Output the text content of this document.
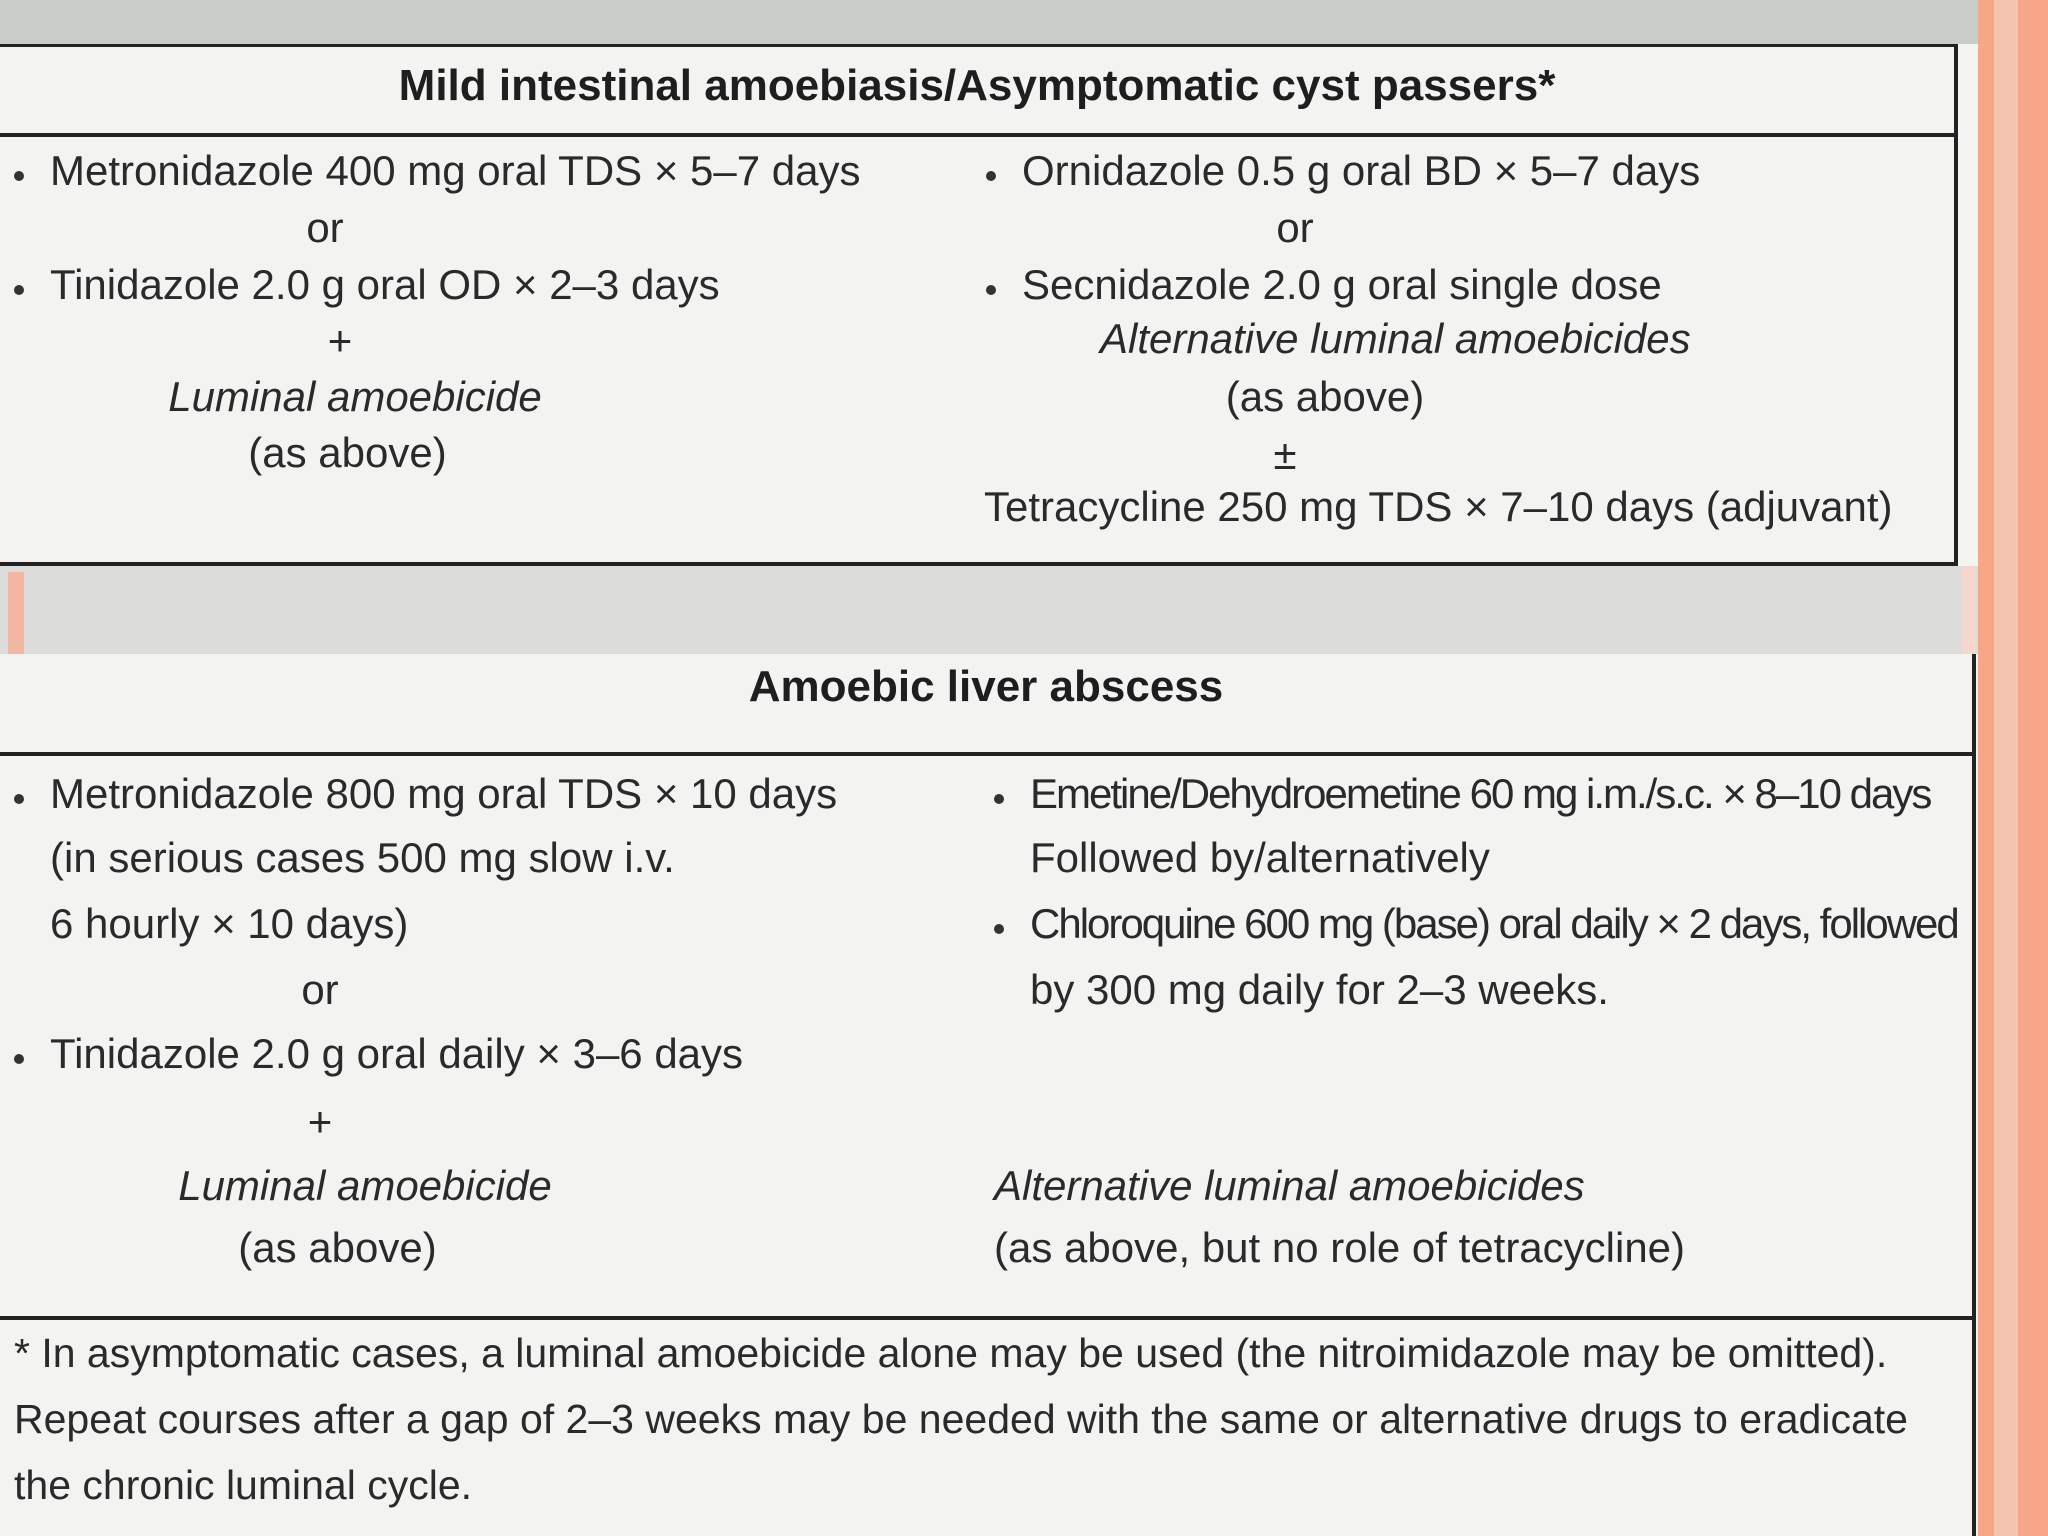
Mild intestinal amoebiasis/Asymptomatic cyst passers*
Metronidazole 400 mg oral TDS × 5–7 days
or
Tinidazole 2.0 g oral OD × 2–3 days
+
Luminal amoebicide
(as above)
Ornidazole 0.5 g oral BD × 5–7 days
or
Secnidazole 2.0 g oral single dose
Alternative luminal amoebicides
(as above)
±
Tetracycline 250 mg TDS × 7–10 days (adjuvant)
Amoebic liver abscess
Metronidazole 800 mg oral TDS × 10 days
(in serious cases 500 mg slow i.v.
6 hourly × 10 days)
or
Tinidazole 2.0 g oral daily × 3–6 days
+
Luminal amoebicide
(as above)
Emetine/Dehydroemetine 60 mg i.m./s.c. × 8–10 days
Followed by/alternatively
Chloroquine 600 mg (base) oral daily × 2 days, followed
by 300 mg daily for 2–3 weeks.
Alternative luminal amoebicides
(as above, but no role of tetracycline)
* In asymptomatic cases, a luminal amoebicide alone may be used (the nitroimidazole may be omitted).
Repeat courses after a gap of 2–3 weeks may be needed with the same or alternative drugs to eradicate
the chronic luminal cycle.
